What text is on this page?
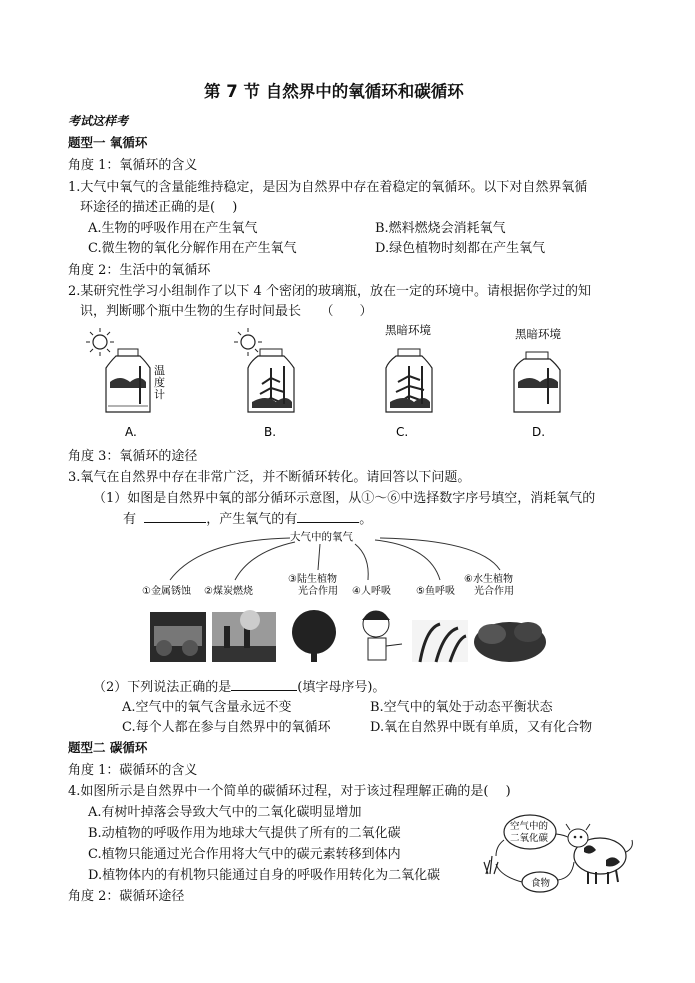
第 7 节 自然界中的氧循环和碳循环
考试这样考
题型一 氧循环
角度 1：氧循环的含义
1.大气中氧气的含量能维持稳定，是因为自然界中存在着稳定的氧循环。以下对自然界氧循
环途径的描述正确的是(　 )
A.生物的呼吸作用在产生氧气	B.燃料燃烧会消耗氧气
C.微生物的氧化分解作用在产生氧气	D.绿色植物时刻都在产生氧气
角度 2：生活中的氧循环
2.某研究性学习小组制作了以下 4 个密闭的玻璃瓶，放在一定的环境中。请根据你学过的知
识，判断哪个瓶中生物的生存时间最长　　（　　）
温
度
计
A.	B.
黑暗环境
C.
黑暗环境
D.
角度 3：氧循环的途径
3.氧气在自然界中存在非常广泛，并不断循环转化。请回答以下问题。
（1）如图是自然界中氧的部分循环示意图，从①～⑥中选择数字序号填空，消耗氧气的
有	，产生氧气的有	。
大气中的氧气
①金属锈蚀 ②煤炭燃烧
③陆生植物
光合作用 ④人呼吸	⑤鱼呼吸
⑥水生植物
光合作用
（2）下列说法正确的是	(填字母序号)。
A.空气中的氧气含量永远不变	B.空气中的氧处于动态平衡状态
C.每个人都在参与自然界中的氧循环	D.氧在自然界中既有单质，又有化合物
题型二 碳循环
角度 1：碳循环的含义
4.如图所示是自然界中一个简单的碳循环过程，对于该过程理解正确的是(　 )
A.有树叶掉落会导致大气中的二氧化碳明显增加
B.动植物的呼吸作用为地球大气提供了所有的二氧化碳
C.植物只能通过光合作用将大气中的碳元素转移到体内
D.植物体内的有机物只能通过自身的呼吸作用转化为二氧化碳
角度 2：碳循环途径
空气中的
二氧化碳
食物
